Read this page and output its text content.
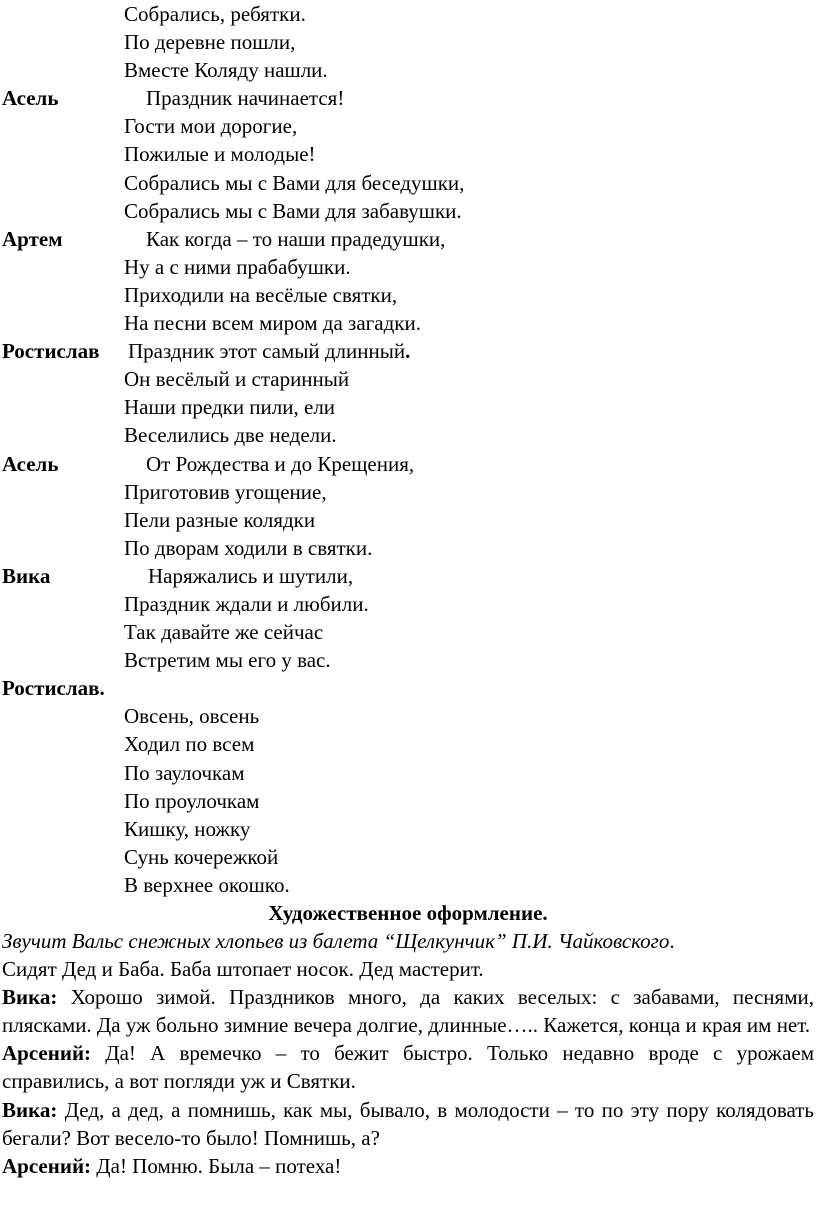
Собрались, ребятки.
По деревне пошли,
Вместе Коляду нашли.
Асель	Праздник начинается!
Гости мои дорогие,
Пожилые и молодые!
Собрались мы с Вами для беседушки,
Собрались мы с Вами для забавушки.
Артем	Как когда – то наши прадедушки,
Ну а с ними прабабушки.
Приходили на весёлые святки,
На песни всем миром да загадки.
Ростислав Праздник этот самый длинный.
Он весёлый и старинный
Наши предки пили, ели
Веселились две недели.
Асель	От Рождества и до Крещения,
Приготовив угощение,
Пели разные колядки
По дворам ходили в святки.
Вика	Наряжались и шутили,
Праздник ждали и любили.
Так давайте же сейчас
Встретим мы его у вас.
Ростислав.
Овсень, овсень
Ходил по всем
По заулочкам
По проулочкам
Кишку, ножку
Сунь кочережкой
В верхнее окошко.
Художественное оформление.

Звучит Вальс снежных хлопьев из балета “Щелкунчик” П.И. Чайковского.

Сидят Дед и Баба. Баба штопает носок. Дед мастерит.

Вика: Хорошо зимой. Праздников много, да каких веселых: с забавами, песнями, плясками. Да уж больно зимние вечера долгие, длинные….. Кажется, конца и края им нет.

Арсений: Да! А времечко – то бежит быстро. Только недавно вроде с урожаем справились, а вот погляди уж и Святки.

Вика: Дед, а дед, а помнишь, как мы, бывало, в молодости – то по эту пору колядовать бегали? Вот весело-то было! Помнишь, а?

Арсений: Да! Помню. Была – потеха!
